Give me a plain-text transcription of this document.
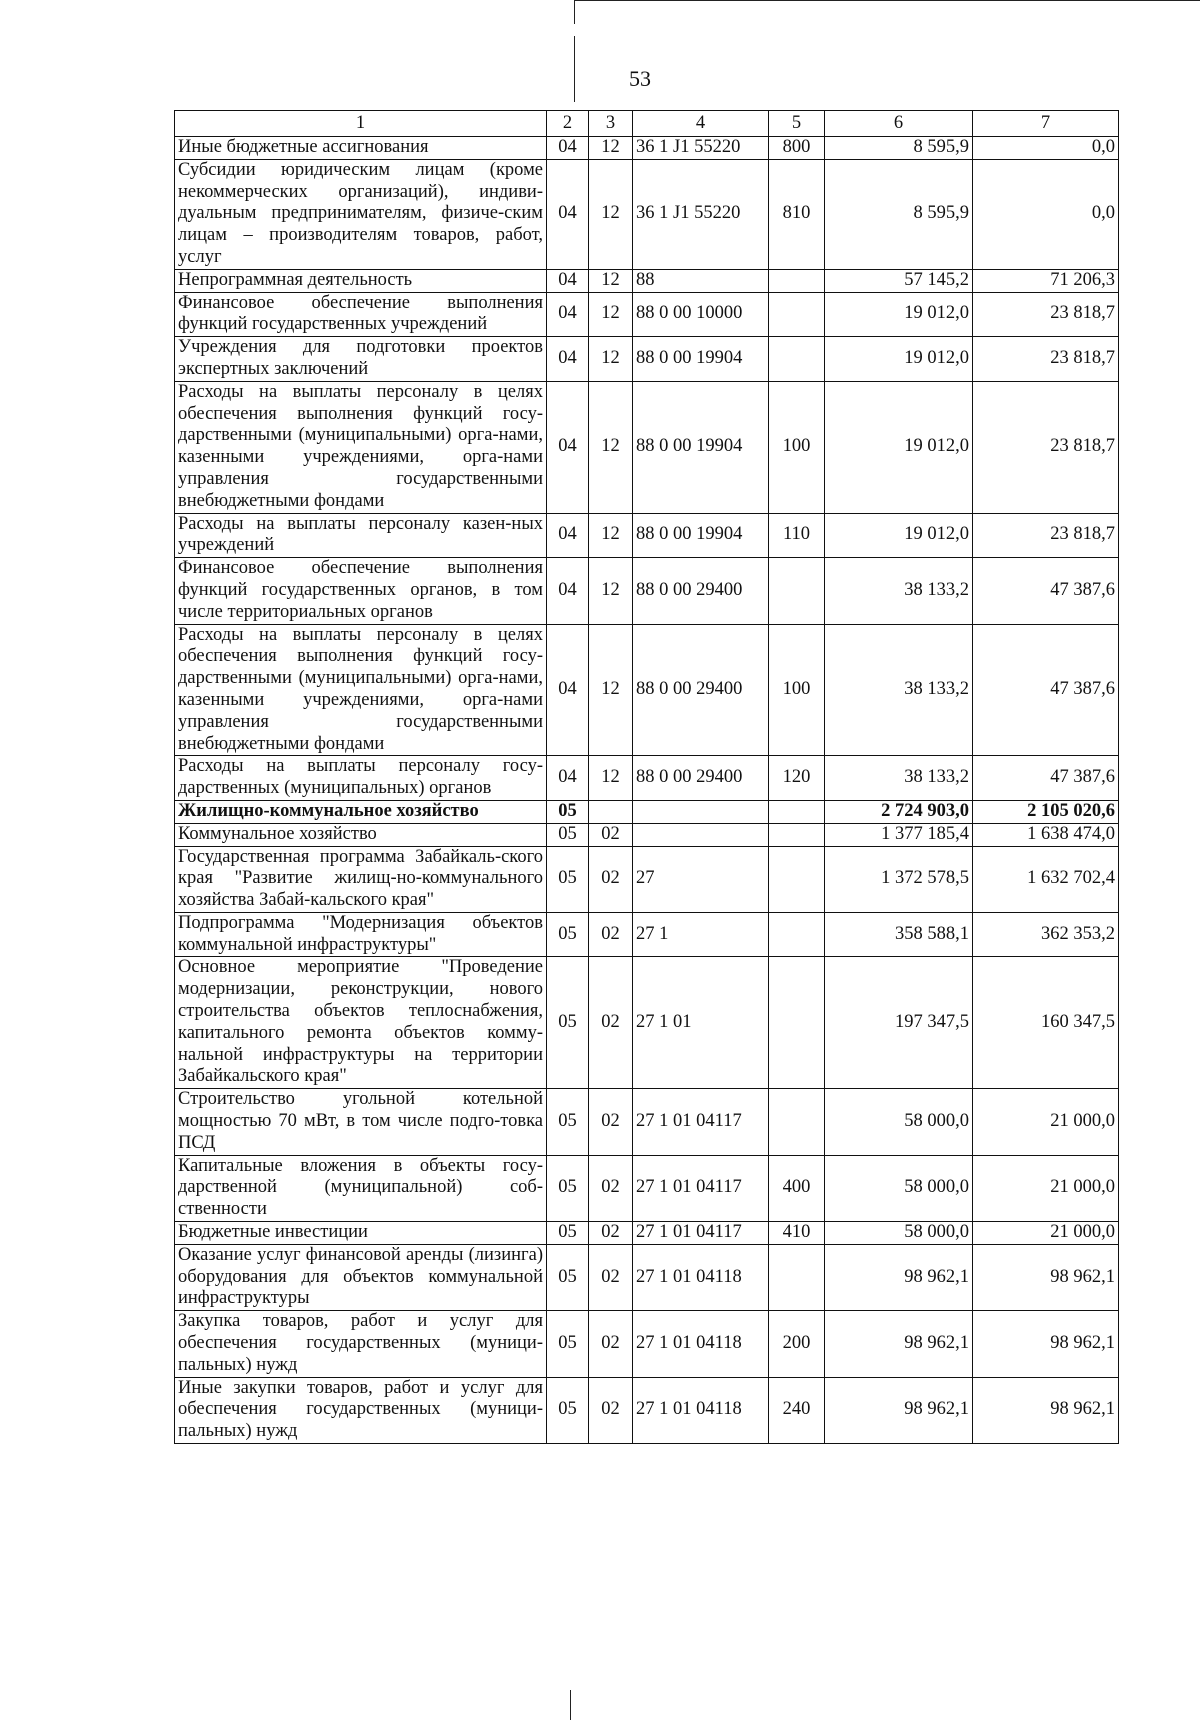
53
1	2	3	4	5	6	7
Иные бюджетные ассигнования	04	12	36 1 J1 55220	800	8 595,9	0,0
Субсидии юридическим лицам (кроме некоммерческих организаций), индиви-дуальным предпринимателям, физиче-ским лицам – производителям товаров, работ, услуг	04	12	36 1 J1 55220	810	8 595,9	0,0
Непрограммная деятельность	04	12	88		57 145,2	71 206,3
Финансовое обеспечение выполнения функций государственных учреждений	04	12	88 0 00 10000		19 012,0	23 818,7
Учреждения для подготовки проектов экспертных заключений	04	12	88 0 00 19904		19 012,0	23 818,7
Расходы на выплаты персоналу в целях обеспечения выполнения функций госу-дарственными (муниципальными) орга-нами, казенными учреждениями, орга-нами управления государственными внебюджетными фондами	04	12	88 0 00 19904	100	19 012,0	23 818,7
Расходы на выплаты персоналу казен-ных учреждений	04	12	88 0 00 19904	110	19 012,0	23 818,7
Финансовое обеспечение выполнения функций государственных органов, в том числе территориальных органов	04	12	88 0 00 29400		38 133,2	47 387,6
Расходы на выплаты персоналу в целях обеспечения выполнения функций госу-дарственными (муниципальными) орга-нами, казенными учреждениями, орга-нами управления государственными внебюджетными фондами	04	12	88 0 00 29400	100	38 133,2	47 387,6
Расходы на выплаты персоналу госу-дарственных (муниципальных) органов	04	12	88 0 00 29400	120	38 133,2	47 387,6
Жилищно-коммунальное хозяйство	05				2 724 903,0	2 105 020,6
Коммунальное хозяйство	05	02			1 377 185,4	1 638 474,0
Государственная программа Забайкаль-ского края "Развитие жилищ-но-коммунального хозяйства Забай-кальского края"	05	02	27		1 372 578,5	1 632 702,4
Подпрограмма "Модернизация объектов коммунальной инфраструктуры"	05	02	27 1		358 588,1	362 353,2
Основное мероприятие "Проведение модернизации, реконструкции, нового строительства объектов теплоснабжения, капитального ремонта объектов комму-нальной инфраструктуры на территории Забайкальского края"	05	02	27 1 01		197 347,5	160 347,5
Строительство угольной котельной мощностью 70 мВт, в том числе подго-товка ПСД	05	02	27 1 01 04117		58 000,0	21 000,0
Капитальные вложения в объекты госу-дарственной (муниципальной) соб-ственности	05	02	27 1 01 04117	400	58 000,0	21 000,0
Бюджетные инвестиции	05	02	27 1 01 04117	410	58 000,0	21 000,0
Оказание услуг финансовой аренды (лизинга) оборудования для объектов коммунальной инфраструктуры	05	02	27 1 01 04118		98 962,1	98 962,1
Закупка товаров, работ и услуг для обеспечения государственных (муници-пальных) нужд	05	02	27 1 01 04118	200	98 962,1	98 962,1
Иные закупки товаров, работ и услуг для обеспечения государственных (муници-пальных) нужд	05	02	27 1 01 04118	240	98 962,1	98 962,1
